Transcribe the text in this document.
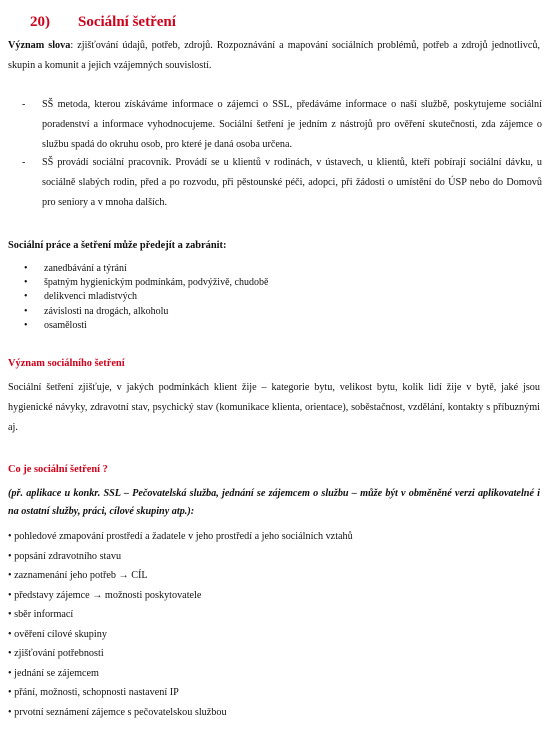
20) Sociální šetření
Význam slova: zjišťování údajů, potřeb, zdrojů. Rozpoznávání a mapování sociálních problémů, potřeb a zdrojů jednotlivců, skupin a komunit a jejich vzájemných souvislostí.
- SŠ metoda, kterou získáváme informace o zájemci o SSL, předáváme informace o naší službě, poskytujeme sociální poradenství a informace vyhodnocujeme. Sociální šetření je jedním z nástrojů pro ověření skutečnosti, zda zájemce o službu spadá do okruhu osob, pro které je daná osoba určena.
- SŠ provádí sociální pracovník. Provádí se u klientů v rodinách, v ústavech, u klientů, kteří pobírají sociální dávku, u sociálně slabých rodin, před a po rozvodu, při pěstounské péči, adopci, při žádosti o umístění do ÚSP nebo do Domovů pro seniory a v mnoha dalších.
Sociální práce a šetření může předejít a zabránit:
• zanedbávání a týrání
• špatným hygienickým podmínkám, podvýživě, chudobě
• delikvenci mladistvých
• závislosti na drogách, alkoholu
• osamělosti
Význam sociálního šetření
Sociální šetření zjišťuje, v jakých podmínkách klient žije – kategorie bytu, velikost bytu, kolik lidí žije v bytě, jaké jsou hygienické návyky, zdravotní stav, psychický stav (komunikace klienta, orientace), soběstačnost, vzdělání, kontakty s příbuznými aj.
Co je sociální šetření ?
(př. aplikace u konkr. SSL – Pečovatelská služba, jednání se zájemcem o službu – může být v obměněné verzi aplikovatelné i na ostatní služby, práci, cílové skupiny atp.):
• pohledové zmapování prostředí a žadatele v jeho prostředí a jeho sociálních vztahů
• popsání zdravotního stavu
• zaznamenání jeho potřeb → CÍL
• představy zájemce → možnosti poskytovatele
• sběr informací
• ověření cílové skupiny
• zjišťování potřebnosti
• jednání se zájemcem
• přání, možnosti, schopnosti nastavení IP
• prvotní seznámení zájemce s pečovatelskou službou
